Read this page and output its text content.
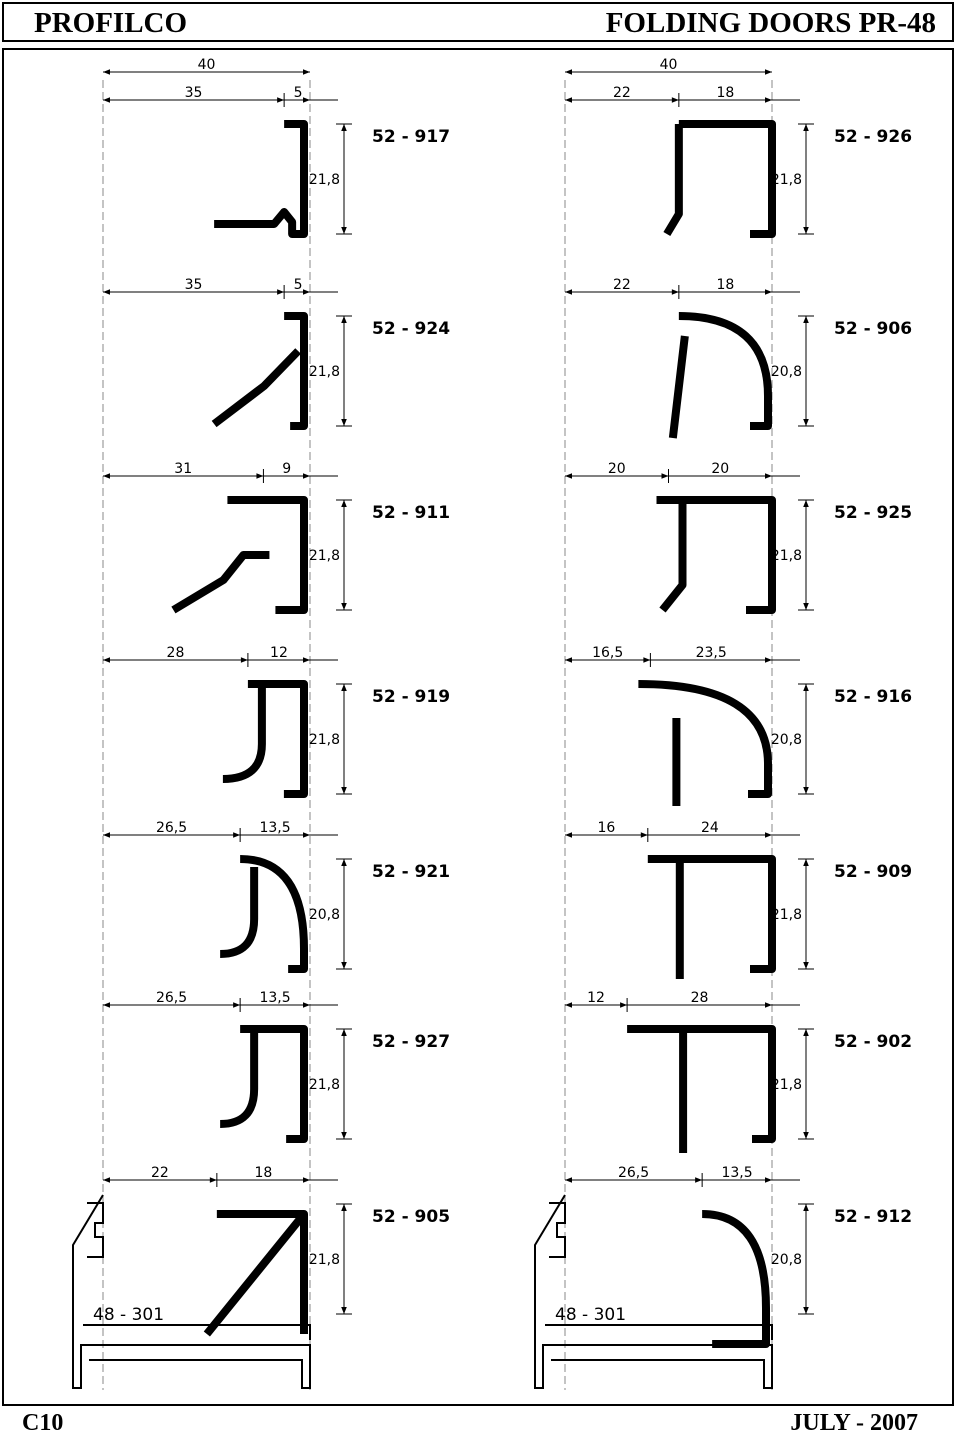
PROFILCO	FOLDING DOORS PR-48
40
35	5
21,8
52 - 917
35	5
21,8
52 - 924
31	9
21,8
52 - 911
28	12
21,8
52 - 919
26,5	13,5
20,8
52 - 921
26,5	13,5
21,8
52 - 927
22	18
21,8
52 - 905
48 - 301
40
22	18
21,8
52 - 926
22	18
20,8
52 - 906
20	20
21,8
52 - 925
16,5	23,5
20,8
52 - 916
16	24
21,8
52 - 909
12	28
21,8
52 - 902
26,5	13,5
20,8
52 - 912
48 - 301
C10	JULY - 2007
